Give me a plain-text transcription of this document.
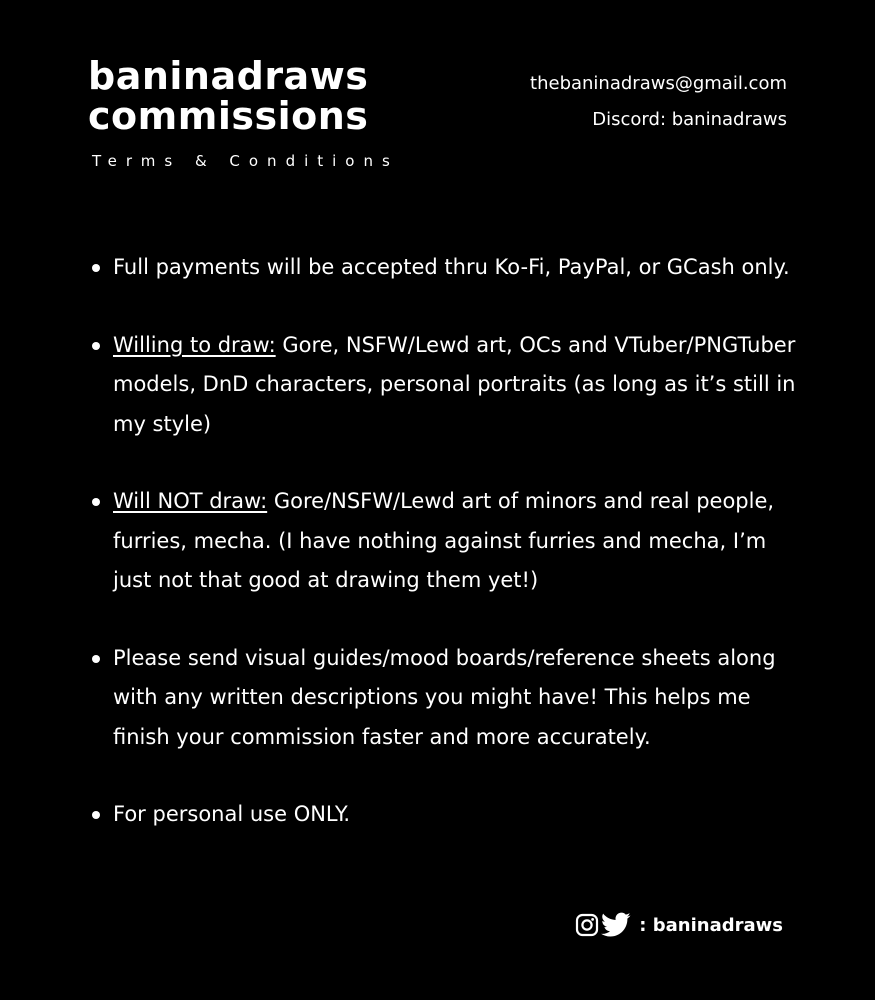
baninadraws
commissions
Terms & Conditions
thebaninadraws@gmail.com
Discord: baninadraws
Full payments will be accepted thru Ko-Fi, PayPal, or GCash only.
Willing to draw: Gore, NSFW/Lewd art, OCs and VTuber/PNGTuber models, DnD characters, personal portraits (as long as it’s still in my style)
Will NOT draw: Gore/NSFW/Lewd art of minors and real people, furries, mecha. (I have nothing against furries and mecha, I’m just not that good at drawing them yet!)
Please send visual guides/mood boards/reference sheets along with any written descriptions you might have! This helps me finish your commission faster and more accurately.
For personal use ONLY.
: baninadraws
